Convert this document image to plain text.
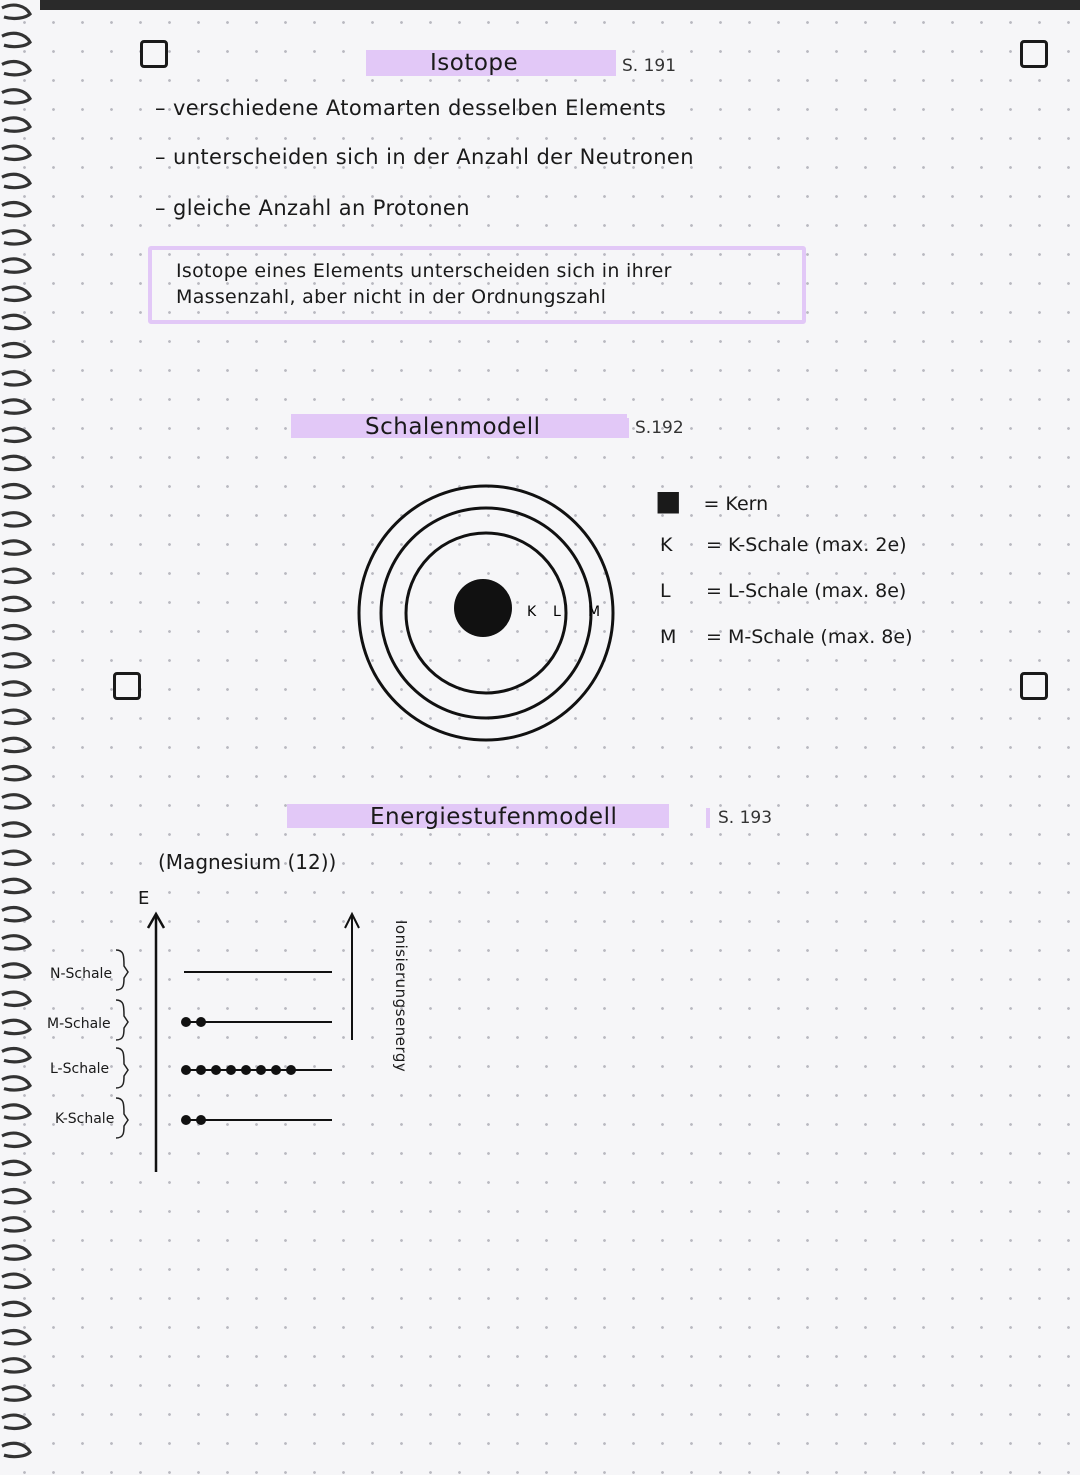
Isotope	S. 191
– verschiedene Atomarten desselben Elements
– unterscheiden sich in der Anzahl der Neutronen
– gleiche Anzahl an Protonen
Isotope eines Elements unterscheiden sich in ihrer
Massenzahl, aber nicht in der Ordnungszahl
Schalenmodell	S.192
K L M
■ = Kern
K = K-Schale (max. 2e)
L = L-Schale (max. 8e)
M = M-Schale (max. 8e)
Energiestufenmodell	S. 193
(Magnesium (12))
E
Ionisierungsenergy
N-Schale
M-Schale
L-Schale
K-Schale
